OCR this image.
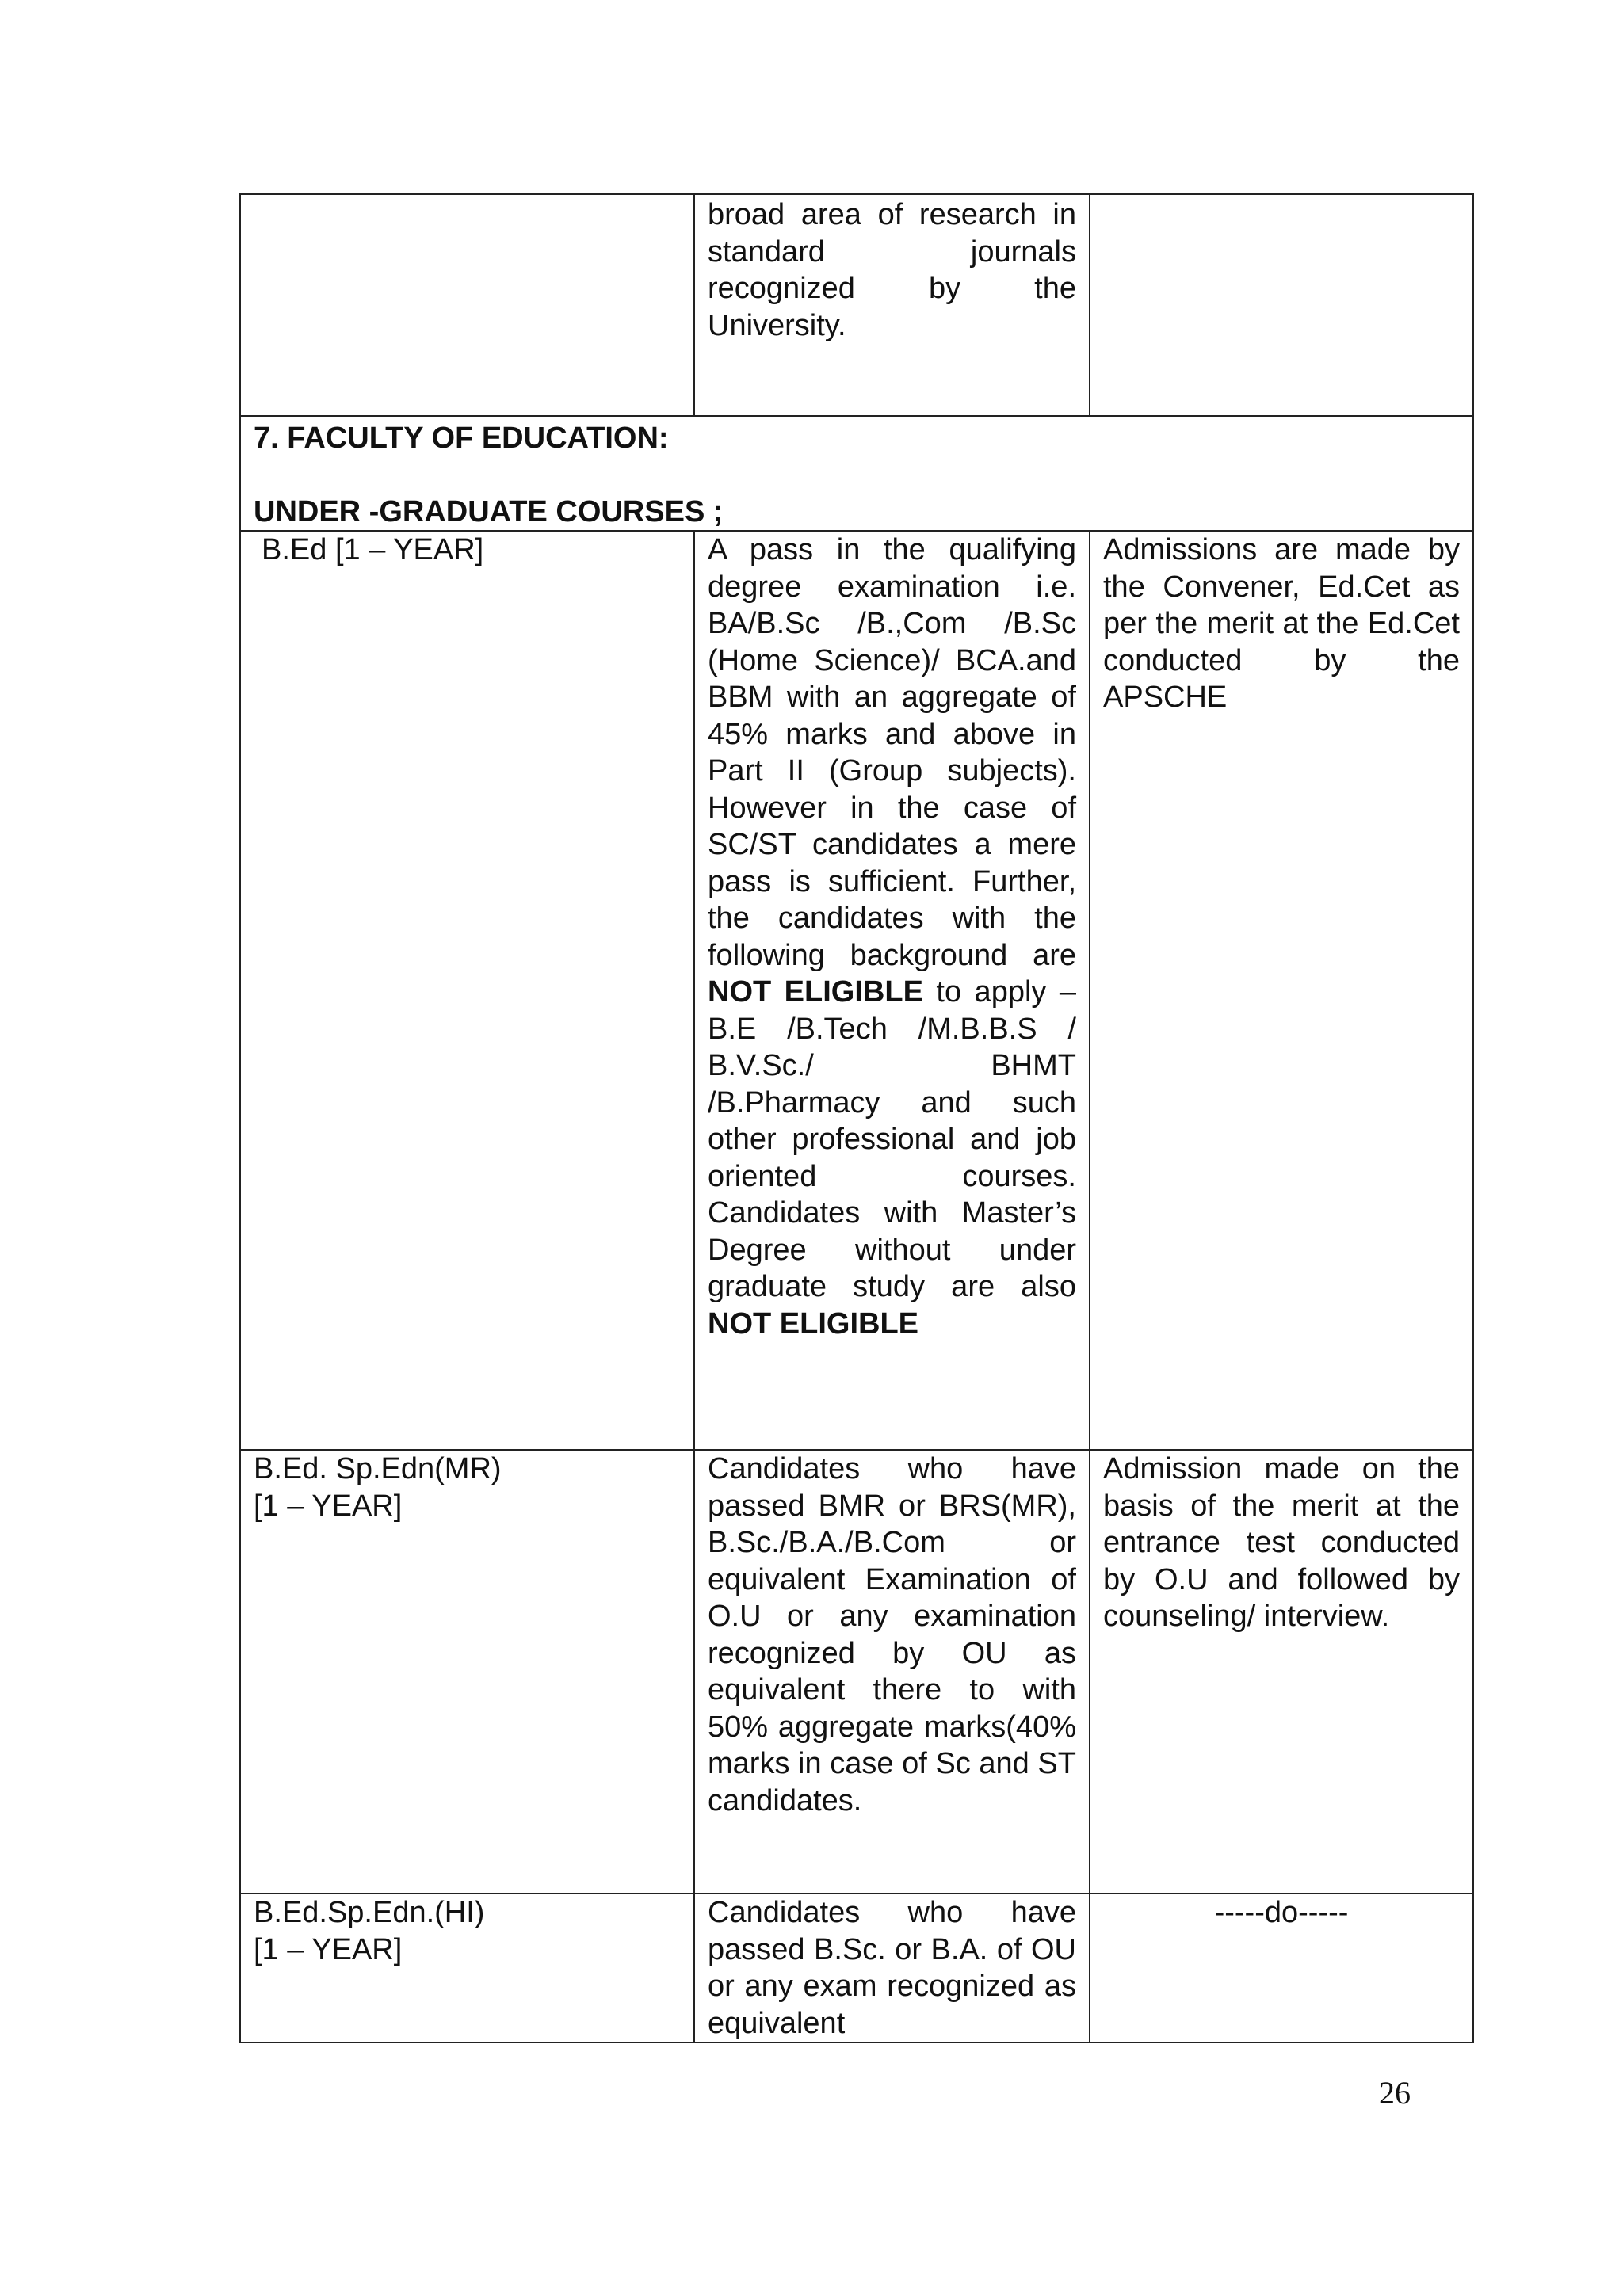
	broad area of research in
standard journals
recognized by the
University.	

7. FACULTY OF EDUCATION:
UNDER -GRADUATE COURSES ;		

B.Ed [1 – YEAR]	A pass in the qualifying degree examination i.e. BA/B.Sc /B.,Com /B.Sc (Home Science)/ BCA.and BBM with an aggregate of 45% marks and above in Part II (Group subjects). However in the case of SC/ST candidates a mere pass is sufficient. Further, the candidates with the following background are NOT ELIGIBLE to apply – B.E /B.Tech /M.B.B.S / B.V.Sc./ BHMT /B.Pharmacy and such other professional and job oriented courses. Candidates with Master’s Degree without under graduate study are also NOT ELIGIBLE	Admissions are made by the Convener, Ed.Cet as per the merit at the Ed.Cet conducted by the APSCHE

B.Ed. Sp.Edn(MR)
[1 – YEAR]	Candidates who have passed BMR or BRS(MR), B.Sc./B.A./B.Com or equivalent Examination of O.U or any examination recognized by OU as equivalent there to with 50% aggregate marks(40% marks in case of Sc and ST candidates.	Admission made on the basis of the merit at the entrance test conducted by O.U and followed by counseling/ interview.

B.Ed.Sp.Edn.(HI)
[1 – YEAR]	Candidates who have passed B.Sc. or B.A. of OU or any exam recognized as equivalent	-----do-----
26
